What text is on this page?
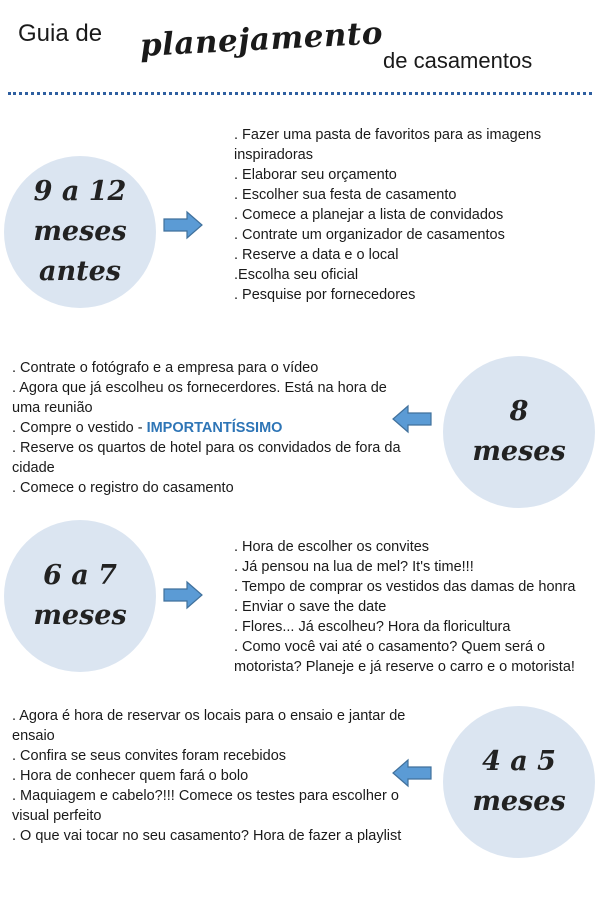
Guia de planejamento de casamentos
9 a 12
meses
antes
. Fazer uma pasta de favoritos para as imagens inspiradoras
. Elaborar seu orçamento
. Escolher sua festa de casamento
. Comece a planejar a lista de convidados
. Contrate um organizador de casamentos
. Reserve a data e o local
.Escolha seu oficial
. Pesquise por fornecedores
. Contrate o fotógrafo e a empresa para o vídeo
. Agora que já escolheu os fornecerdores. Está na hora de uma reunião
. Compre o vestido - IMPORTANTÍSSIMO
. Reserve os quartos de hotel para os convidados de fora da cidade
. Comece o registro do casamento
8
meses
6 a 7
meses
. Hora de escolher os convites
. Já pensou na lua de mel? It's time!!!
. Tempo de comprar os vestidos das damas de honra
. Enviar o save the date
. Flores... Já escolheu? Hora da floricultura
. Como você vai até o casamento? Quem será o motorista? Planeje e já reserve o carro e o motorista!
. Agora é hora de reservar os locais para o ensaio e jantar de ensaio
. Confira se seus convites foram recebidos
. Hora de conhecer quem fará o bolo
. Maquiagem e cabelo?!!! Comece os testes para escolher o visual perfeito
. O que vai tocar no seu casamento? Hora de fazer a playlist
4 a 5
meses
